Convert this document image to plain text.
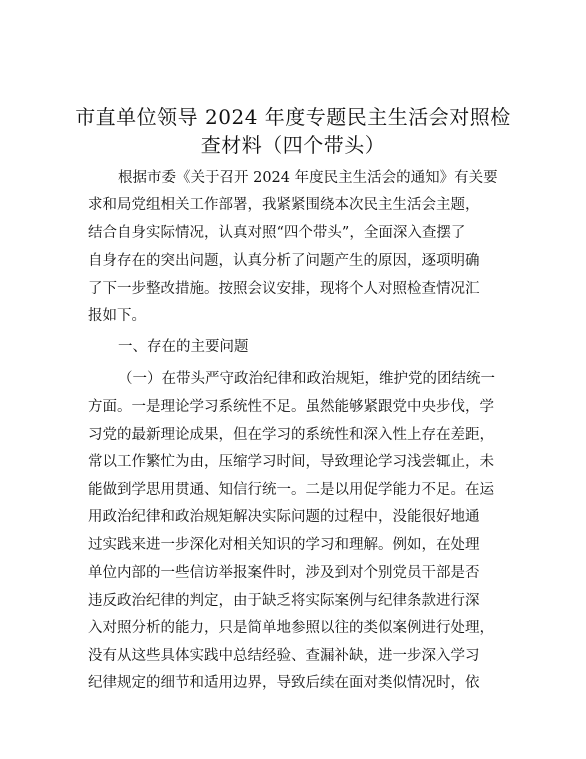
市直单位领导 2024 年度专题民主生活会对照检
查材料（四个带头）
根据市委《关于召开 2024 年度民主生活会的通知》有关要
求和局党组相关工作部署，我紧紧围绕本次民主生活会主题，
结合自身实际情况，认真对照“四个带头”，全面深入查摆了
自身存在的突出问题，认真分析了问题产生的原因，逐项明确
了下一步整改措施。按照会议安排，现将个人对照检查情况汇
报如下。
一、存在的主要问题
（一）在带头严守政治纪律和政治规矩，维护党的团结统一
方面。一是理论学习系统性不足。虽然能够紧跟党中央步伐，学
习党的最新理论成果，但在学习的系统性和深入性上存在差距，
常以工作繁忙为由，压缩学习时间，导致理论学习浅尝辄止，未
能做到学思用贯通、知信行统一。二是以用促学能力不足。在运
用政治纪律和政治规矩解决实际问题的过程中，没能很好地通
过实践来进一步深化对相关知识的学习和理解。例如，在处理
单位内部的一些信访举报案件时，涉及到对个别党员干部是否
违反政治纪律的判定，由于缺乏将实际案例与纪律条款进行深
入对照分析的能力，只是简单地参照以往的类似案例进行处理，
没有从这些具体实践中总结经验、查漏补缺，进一步深入学习
纪律规定的细节和适用边界，导致后续在面对类似情况时，依
